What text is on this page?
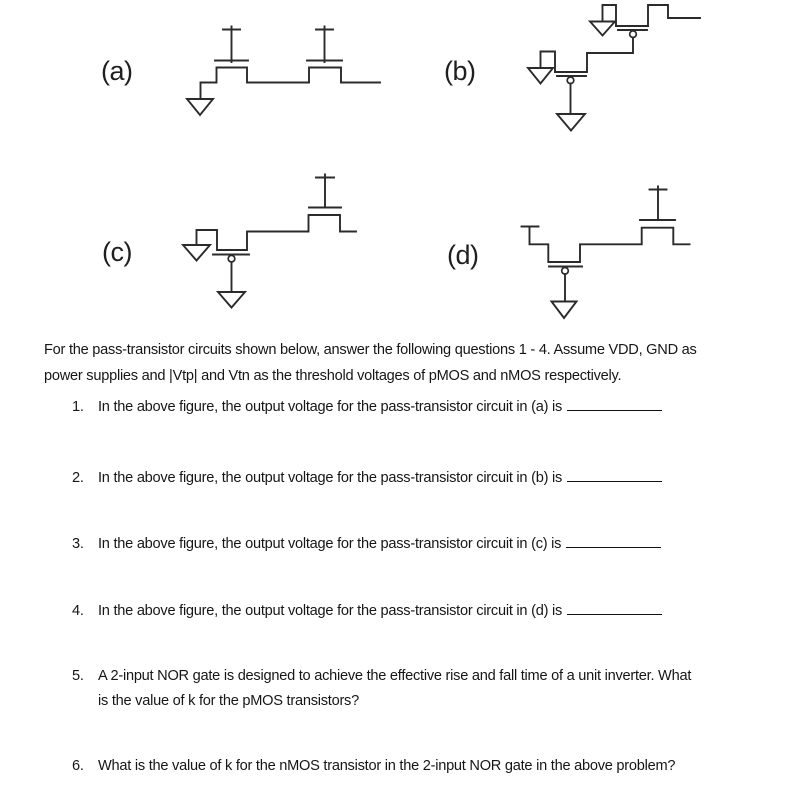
(a)	(b)
(c)	(d)
For the pass-transistor circuits shown below, answer the following questions 1 - 4. Assume VDD, GND as
power supplies and |Vtp| and Vtn as the threshold voltages of pMOS and nMOS respectively.
1. In the above figure, the output voltage for the pass-transistor circuit in (a) is
2. In the above figure, the output voltage for the pass-transistor circuit in (b) is
3. In the above figure, the output voltage for the pass-transistor circuit in (c) is
4. In the above figure, the output voltage for the pass-transistor circuit in (d) is
5. A 2-input NOR gate is designed to achieve the effective rise and fall time of a unit inverter. What
is the value of k for the pMOS transistors?
6. What is the value of k for the nMOS transistor in the 2-input NOR gate in the above problem?
